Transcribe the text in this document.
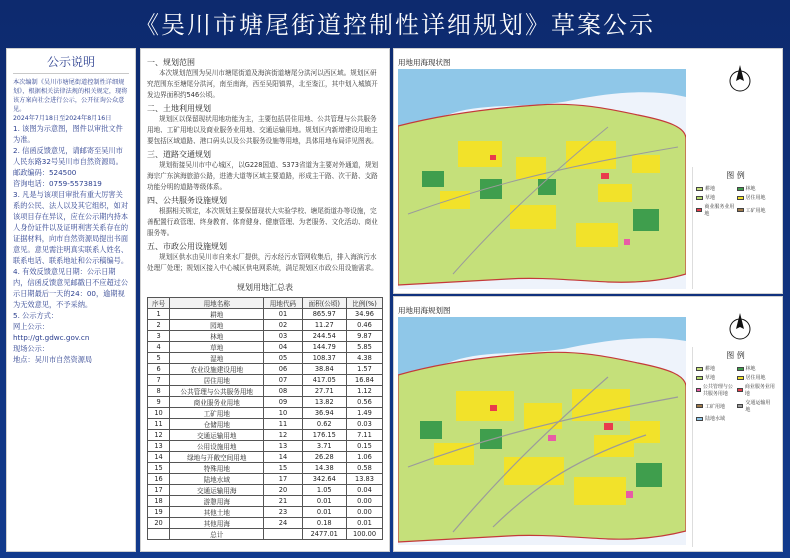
《吴川市塘尾街道控制性详细规划》草案公示
公示说明
本次编制《吴川市塘尾街道控制性详细规划》，根据相关法律法规的相关规定，现将该方案向社会进行公示，公开征询公众意见。
2024年7月18日至2024年8月16日
1. 该图为示意图，图件以审批文件为准。
2. 信函反馈意见，请邮寄至吴川市人民东路32号吴川市自然资源局。
邮政编码：524500
咨询电话：0759-5573819
3. 凡是与该项目审批有重大厉害关系的公民、法人以及其它组织，如对该项目存在异议，应在公示期内持本人身份证件以及证明利害关系存在的证据材料，向市自然资源局提出书面意见。意见需注明真实联系人姓名、联系电话、联系地址和公示稿编号。
4. 有效反馈意见日期：公示日期内，信函反馈意见邮戳日不应超过公示日期最后一天的24：00，逾期视为无效意见，不予采纳。
5. 公示方式：
网上公示：
http://gt.gdwc.gov.cn
现场公示：
地点：吴川市自然资源局
一、规划范围
本次规划范围为吴川市塘尾街道及海滨街道塘尾分洪河以西区域。规划区研究范围东至塘尾分洪河，南至南海，西至吴阳镇界，北至鉴江，其中划入城镇开发边界面积约546公顷。
二、土地利用规划
规划区以保留现状用地功能为主，主要包括居住用地、公共管理与公共服务用地、工矿用地以及商业服务业用地、交通运输用地。规划区内新增建设用地主要包括区域道路、港口码头以及公共服务设施等用地，具体用地布局详见图表。
三、道路交通规划
规划衔接吴川市中心城区，以G228国道、S373省道为主要对外通道，规划海宗广东滨海旅游公路，进港大道等区域主要道路，形成主干路、次干路、支路功能分明的道路等级体系。
四、公共服务设施规划
根据相关规定，本次规划主要保留现状大实验学校、塘尾街道办等设施，完善配置行政管理、终身教育、体育健身、健康管理、为老服务、文化活动、商业服务等。
五、市政公用设施规划
规划区供水由吴川市自来水厂提供，污水经污水管网收集后，排入海滨污水处理厂处理；规划区接入中心城区供电网系统，满足规划区市政公用设施需求。
规划用地汇总表
序号	用地名称	用地代码	面积(公顷)	比例(%)
1	耕地	01	865.97	34.96
2	园地	02	11.27	0.46
3	林地	03	244.54	9.87
4	草地	04	144.79	5.85
5	湿地	05	108.37	4.38
6	农业设施建设用地	06	38.84	1.57
7	居住用地	07	417.05	16.84
8	公共管理与公共服务用地	08	27.71	1.12
9	商业服务业用地	09	13.82	0.56
10	工矿用地	10	36.94	1.49
11	仓储用地	11	0.62	0.03
12	交通运输用地	12	176.15	7.11
13	公用设施用地	13	3.71	0.15
14	绿地与开敞空间用地	14	26.28	1.06
15	特殊用地	15	14.38	0.58
16	陆地水域	17	342.64	13.83
17	交通运输用海	20	1.05	0.04
18	游憩用海	21	0.01	0.00
19	其他土地	23	0.01	0.00
20	其他用海	24	0.18	0.01
	总计		2477.01	100.00
用地用海现状图
图 例
耕地	林地
草地	居住用地
商业服务业用地
工矿用地
用地用海规划图
图 例
耕地	林地
草地	居住用地
公共管理与公共服务用地
商业服务业用地
工矿用地
交通运输用地
陆地水域
